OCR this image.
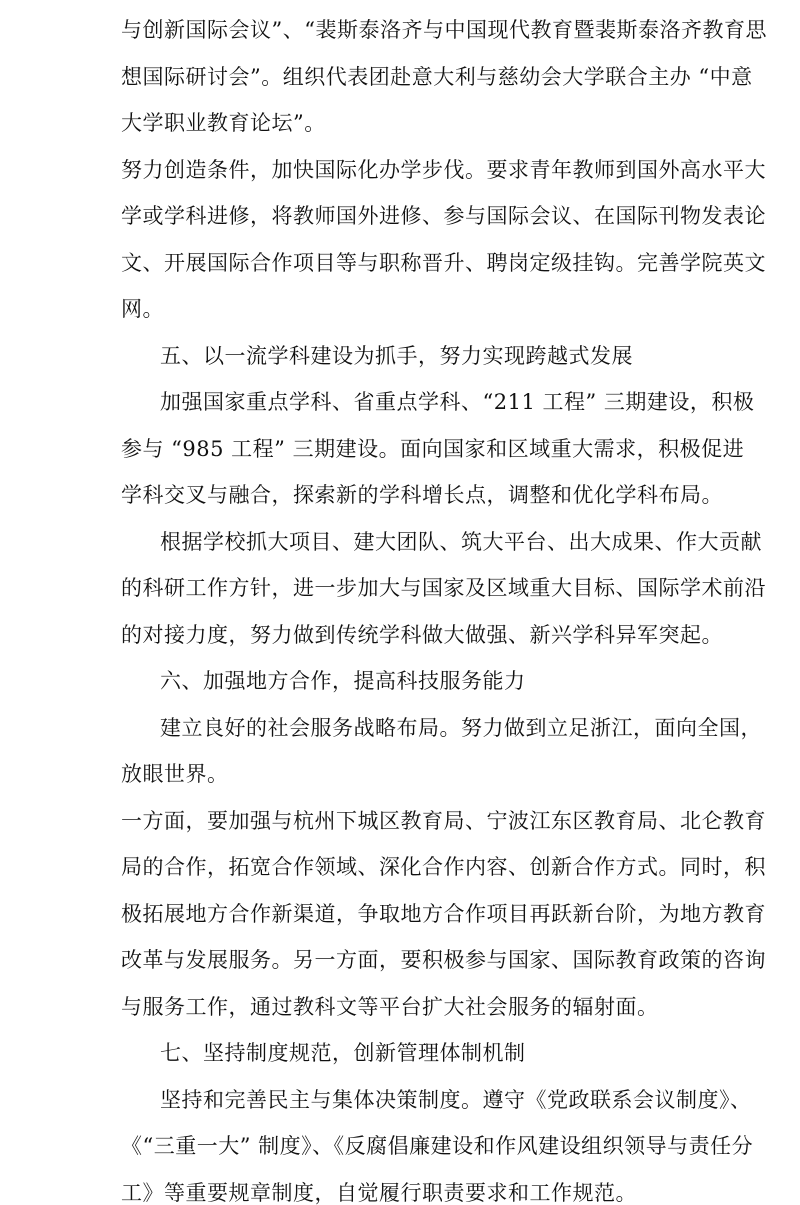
与创新国际会议”、“裴斯泰洛齐与中国现代教育暨裴斯泰洛齐教育思
想国际研讨会”。组织代表团赴意大利与慈幼会大学联合主办 “中意
大学职业教育论坛”。
努力创造条件，加快国际化办学步伐。要求青年教师到国外高水平大
学或学科进修，将教师国外进修、参与国际会议、在国际刊物发表论
文、开展国际合作项目等与职称晋升、聘岗定级挂钩。完善学院英文
网。
五、以一流学科建设为抓手，努力实现跨越式发展
加强国家重点学科、省重点学科、“211 工程” 三期建设，积极
参与 “985 工程” 三期建设。面向国家和区域重大需求，积极促进
学科交叉与融合，探索新的学科增长点，调整和优化学科布局。
根据学校抓大项目、建大团队、筑大平台、出大成果、作大贡献
的科研工作方针，进一步加大与国家及区域重大目标、国际学术前沿
的对接力度，努力做到传统学科做大做强、新兴学科异军突起。
六、加强地方合作，提高科技服务能力
建立良好的社会服务战略布局。努力做到立足浙江，面向全国，
放眼世界。
一方面，要加强与杭州下城区教育局、宁波江东区教育局、北仑教育
局的合作，拓宽合作领域、深化合作内容、创新合作方式。同时，积
极拓展地方合作新渠道，争取地方合作项目再跃新台阶，为地方教育
改革与发展服务。另一方面，要积极参与国家、国际教育政策的咨询
与服务工作，通过教科文等平台扩大社会服务的辐射面。
七、坚持制度规范，创新管理体制机制
坚持和完善民主与集体决策制度。遵守《党政联系会议制度》、
《“三重一大” 制度》、《反腐倡廉建设和作风建设组织领导与责任分
工》等重要规章制度，自觉履行职责要求和工作规范。
